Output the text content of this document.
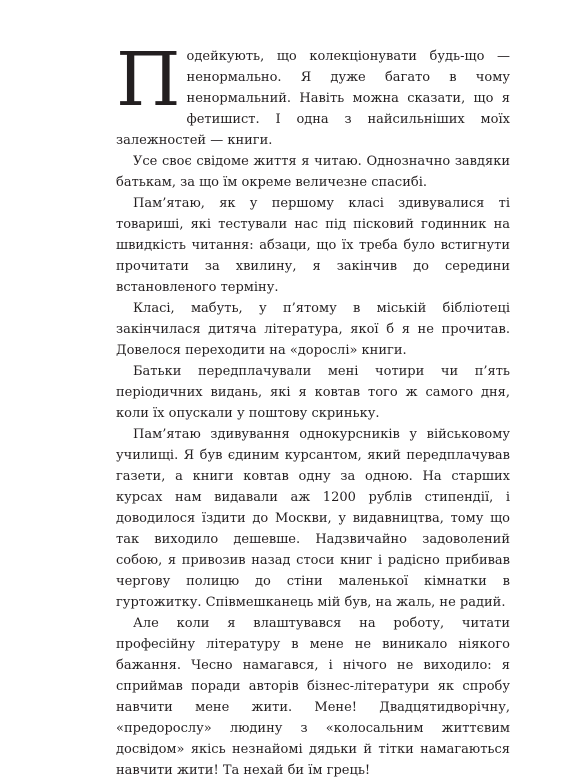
Подейкують, що колекціонувати будь-що — ненормально. Я дуже багато в чому ненормальний. Навіть можна сказати, що я фетишист. І одна з найсильніших моїх залежностей — книги.

Усе своє свідоме життя я читаю. Однозначно завдяки батькам, за що їм окреме величезне спасибі.

Пам’ятаю, як у першому класі здивувалися ті товариші, які тестували нас під пісковий годинник на швидкість читання: абзаци, що їх треба було встигнути прочитати за хвилину, я закінчив до середини встановленого терміну.

Класі, мабуть, у п’ятому в міській бібліотеці закінчилася дитяча література, якої б я не прочитав. Довелося переходити на «дорослі» книги.

Батьки передплачували мені чотири чи п’ять періодичних видань, які я ковтав того ж самого дня, коли їх опускали у поштову скриньку.

Пам’ятаю здивування однокурсників у військовому училищі. Я був єдиним курсантом, який передплачував газети, а книги ковтав одну за одною. На старших курсах нам видавали аж 1200 рублів стипендії, і доводилося їздити до Москви, у видавництва, тому що так виходило дешевше. Надзвичайно задоволений собою, я привозив назад стоси книг і радісно прибивав чергову полицю до стіни маленької кімнатки в гуртожитку. Співмешканець мій був, на жаль, не радий.

Але коли я влаштувався на роботу, читати професійну літературу в мене не виникало ніякого бажання. Чесно намагався, і нічого не виходило: я сприймав поради авторів бізнес-літератури як спробу навчити мене жити. Мене! Двадцятидворічну, «предорослу» людину з «колосальним життєвим досвідом» якісь незнайомі дядьки й тітки намагаються навчити жити! Та нехай би їм грець!
